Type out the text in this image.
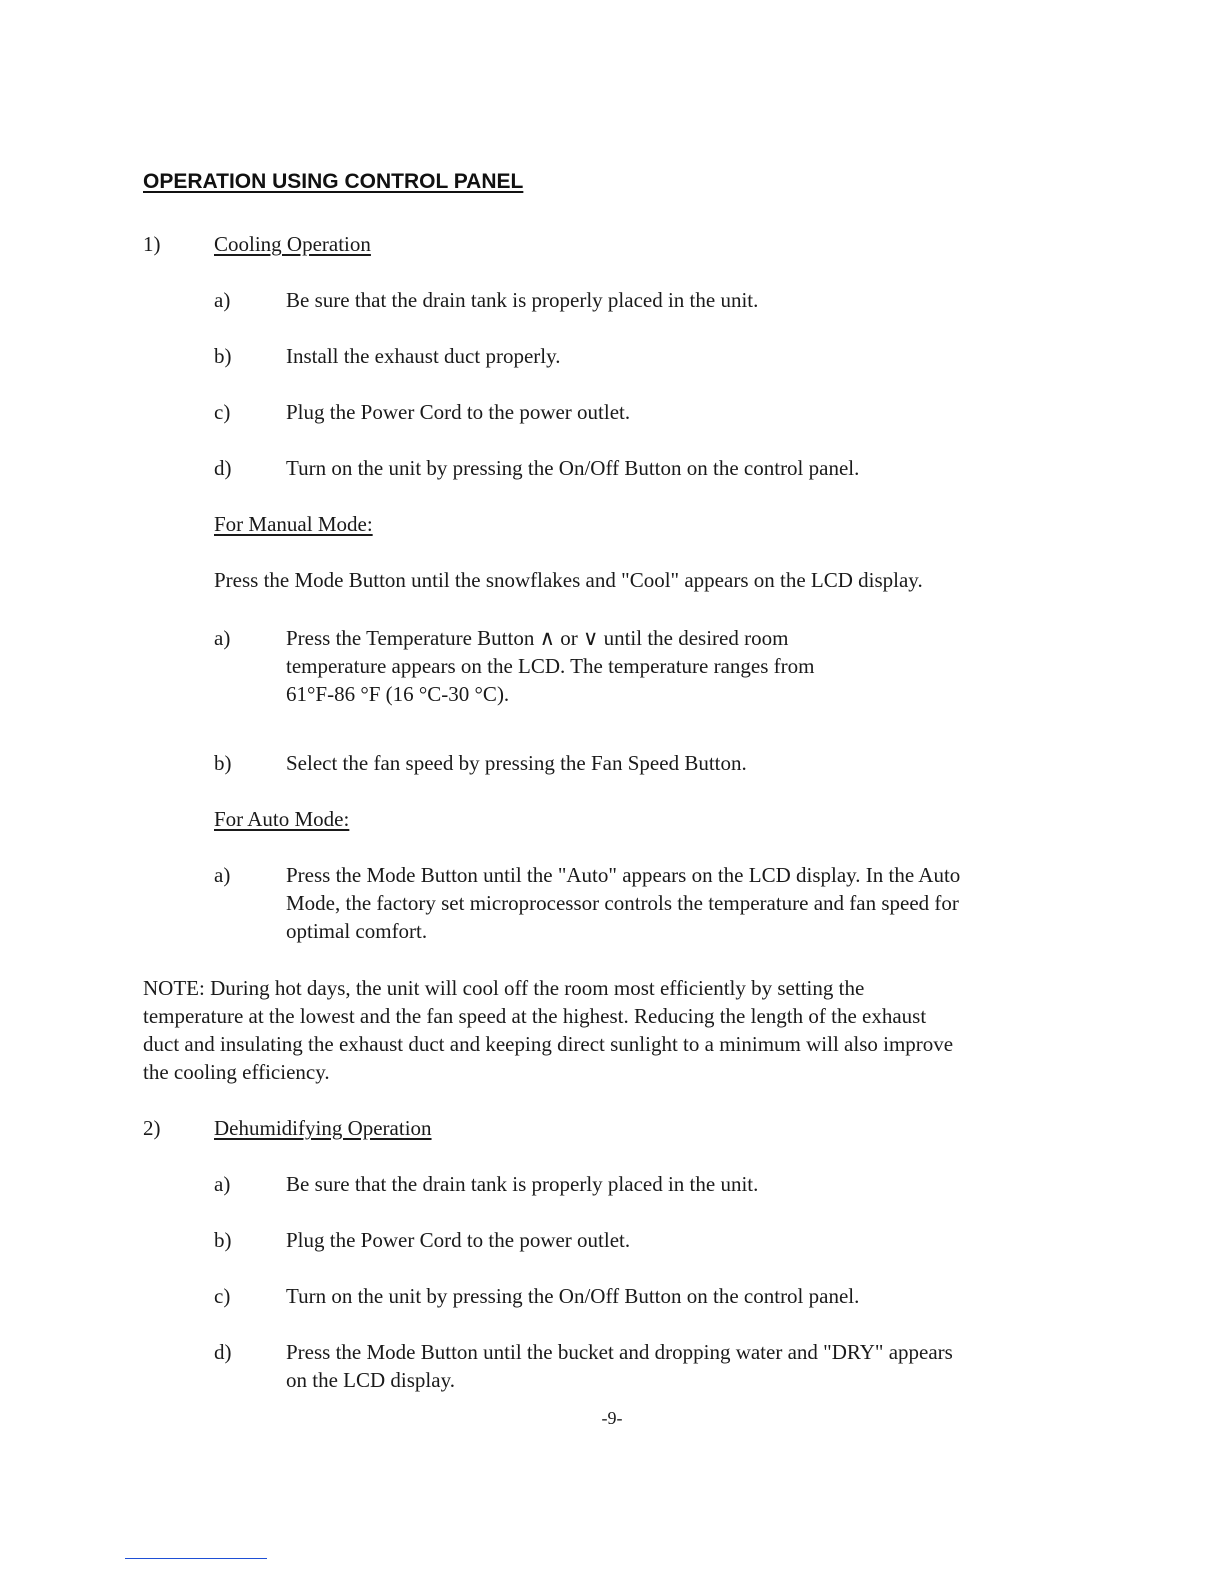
OPERATION USING CONTROL PANEL
1)	Cooling Operation
a)	Be sure that the drain tank is properly placed in the unit.
b)	Install the exhaust duct properly.
c)	Plug the Power Cord to the power outlet.
d)	Turn on the unit by pressing the On/Off Button on the control panel.
For Manual Mode:
Press the Mode Button until the snowflakes and "Cool" appears on the LCD display.
a)	Press the Temperature Button ∧ or ∨ until the desired room
temperature appears on the LCD. The temperature ranges from
61°F-86 °F (16 °C-30 °C).
b)	Select the fan speed by pressing the Fan Speed Button.
For Auto Mode:
a)	Press the Mode Button until the "Auto" appears on the LCD display. In the Auto
Mode, the factory set microprocessor controls the temperature and fan speed for
optimal comfort.
NOTE: During hot days, the unit will cool off the room most efficiently by setting the
temperature at the lowest and the fan speed at the highest. Reducing the length of the exhaust
duct and insulating the exhaust duct and keeping direct sunlight to a minimum will also improve
the cooling efficiency.
2)	Dehumidifying Operation
a)	Be sure that the drain tank is properly placed in the unit.
b)	Plug the Power Cord to the power outlet.
c)	Turn on the unit by pressing the On/Off Button on the control panel.
d)	Press the Mode Button until the bucket and dropping water and "DRY" appears
on the LCD display.
-9-
